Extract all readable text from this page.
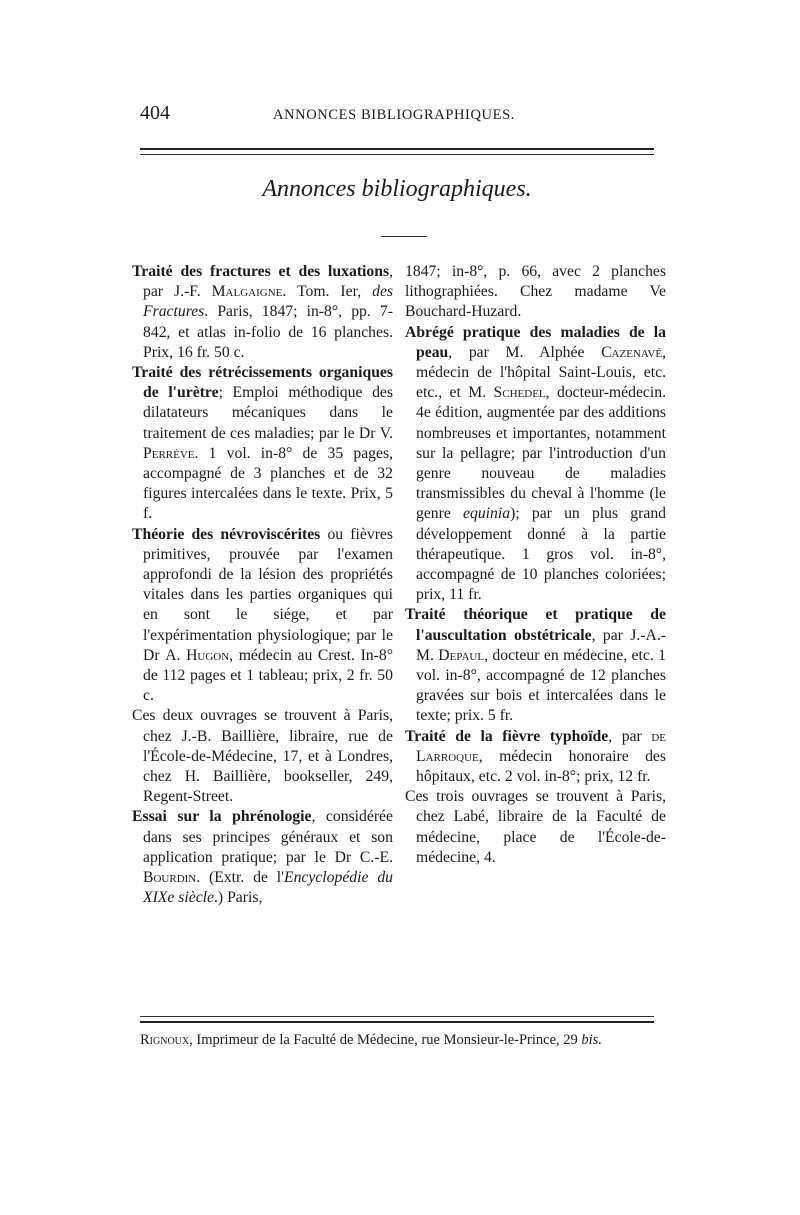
404	ANNONCES BIBLIOGRAPHIQUES.
Annonces bibliographiques.

Traité des fractures et des luxations, par J.-F. Malgaigne. Tom. Ier, des Fractures. Paris, 1847; in-8°, pp. 7-842, et atlas in-folio de 16 planches. Prix, 16 fr. 50 c.

Traité des rétrécissements organiques de l'urètre; Emploi méthodique des dilatateurs mécaniques dans le traitement de ces maladies; par le Dr V. Perrève. 1 vol. in-8° de 35 pages, accompagné de 3 planches et de 32 figures intercalées dans le texte. Prix, 5 f.

Théorie des névroviscérites ou fièvres primitives, prouvée par l'examen approfondi de la lésion des propriétés vitales dans les parties organiques qui en sont le siége, et par l'expérimentation physiologique; par le Dr A. Hugon, médecin au Crest. In-8° de 112 pages et 1 tableau; prix, 2 fr. 50 c.

Ces deux ouvrages se trouvent à Paris, chez J.-B. Baillière, libraire, rue de l'École-de-Médecine, 17, et à Londres, chez H. Baillière, bookseller, 249, Regent-Street.

Essai sur la phrénologie, considérée dans ses principes généraux et son application pratique; par le Dr C.-E. Bourdin. (Extr. de l'Encyclopédie du XIXe siècle.) Paris,

1847; in-8°, p. 66, avec 2 planches lithographiées. Chez madame Ve Bouchard-Huzard.

Abrégé pratique des maladies de la peau, par M. Alphée Cazenavé, médecin de l'hôpital Saint-Louis, etc. etc., et M. Schedel, docteur-médecin. 4e édition, augmentée par des additions nombreuses et importantes, notamment sur la pellagre; par l'introduction d'un genre nouveau de maladies transmissibles du cheval à l'homme (le genre equinia); par un plus grand développement donné à la partie thérapeutique. 1 gros vol. in-8°, accompagné de 10 planches coloriées; prix, 11 fr.

Traité théorique et pratique de l'auscultation obstétricale, par J.-A.-M. Depaul, docteur en médecine, etc. 1 vol. in-8°, accompagné de 12 planches gravées sur bois et intercalées dans le texte; prix. 5 fr.

Traité de la fièvre typhoïde, par de Larroque, médecin honoraire des hôpitaux, etc. 2 vol. in-8°; prix, 12 fr.

Ces trois ouvrages se trouvent à Paris, chez Labé, libraire de la Faculté de médecine, place de l'École-de-médecine, 4.

Rignoux, Imprimeur de la Faculté de Médecine, rue Monsieur-le-Prince, 29 bis.
